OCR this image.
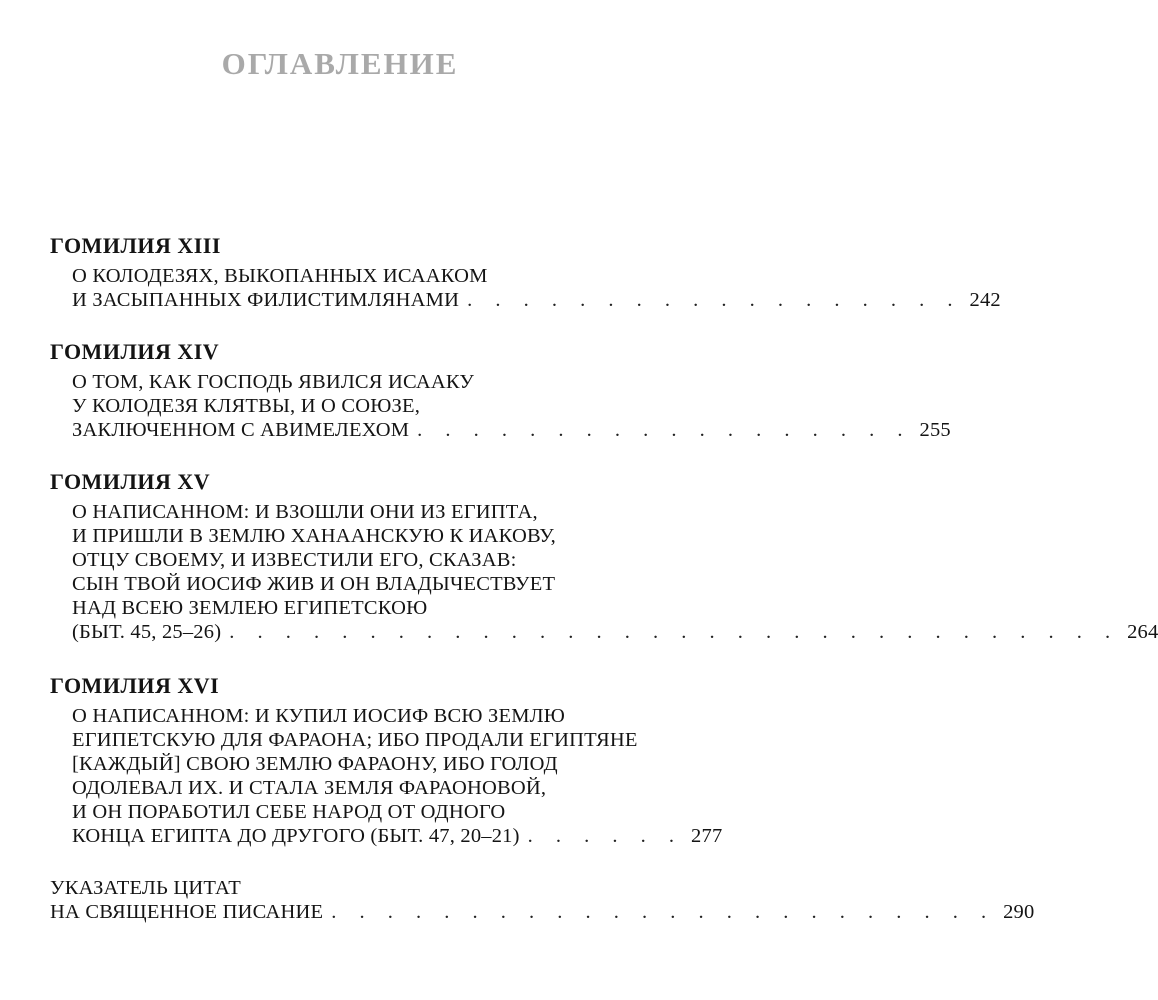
ОГЛАВЛЕНИЕ
ГОМИЛИЯ XIII
О КОЛОДЕЗЯХ, ВЫКОПАННЫХ ИСААКОМ
И ЗАСЫПАННЫХ ФИЛИСТИМЛЯНАМИ . . . . . . . . . . . . . . . . . . 242
ГОМИЛИЯ XIV
О ТОМ, КАК ГОСПОДЬ ЯВИЛСЯ ИСААКУ
У КОЛОДЕЗЯ КЛЯТВЫ, И О СОЮЗЕ,
ЗАКЛЮЧЕННОМ С АВИМЕЛЕХОМ . . . . . . . . . . . . . . . . . . 255
ГОМИЛИЯ XV
О НАПИСАННОМ: И ВЗОШЛИ ОНИ ИЗ ЕГИПТА,
И ПРИШЛИ В ЗЕМЛЮ ХАНААНСКУЮ К ИАКОВУ,
ОТЦУ СВОЕМУ, И ИЗВЕСТИЛИ ЕГО, СКАЗАВ:
СЫН ТВОЙ ИОСИФ ЖИВ И ОН ВЛАДЫЧЕСТВУЕТ
НАД ВСЕЮ ЗЕМЛЕЮ ЕГИПЕТСКОЮ
(БЫТ. 45, 25–26) . . . . . . . . . . . . . . . . . . . . . . . . . . . . . . . . 264
ГОМИЛИЯ XVI
О НАПИСАННОМ: И КУПИЛ ИОСИФ ВСЮ ЗЕМЛЮ
ЕГИПЕТСКУЮ ДЛЯ ФАРАОНА; ИБО ПРОДАЛИ ЕГИПТЯНЕ
[КАЖДЫЙ] СВОЮ ЗЕМЛЮ ФАРАОНУ, ИБО ГОЛОД
ОДОЛЕВАЛ ИХ. И СТАЛА ЗЕМЛЯ ФАРАОНОВОЙ,
И ОН ПОРАБОТИЛ СЕБЕ НАРОД ОТ ОДНОГО
КОНЦА ЕГИПТА ДО ДРУГОГО (БЫТ. 47, 20–21) . . . . . . 277
УКАЗАТЕЛЬ ЦИТАТ
НА СВЯЩЕННОЕ ПИСАНИЕ . . . . . . . . . . . . . . . . . . . . . . . . 290
